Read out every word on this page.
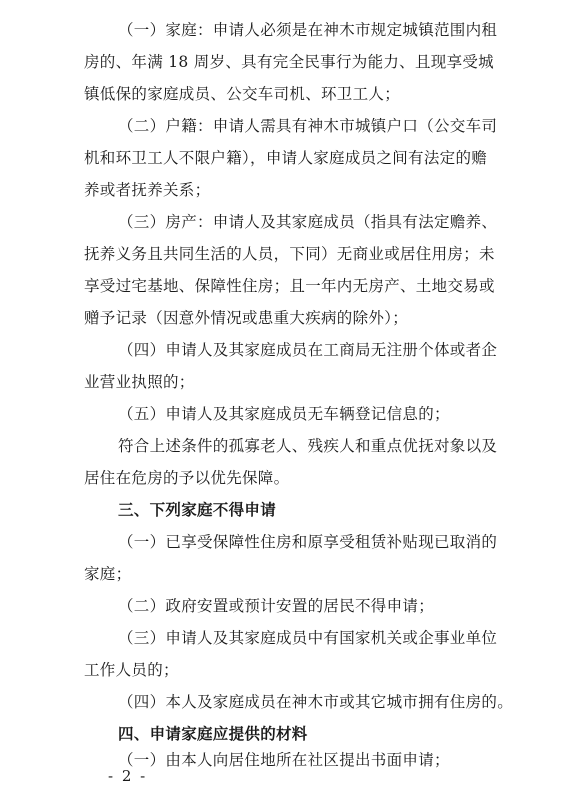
（一）家庭：申请人必须是在神木市规定城镇范围内租
房的、年满 18 周岁、具有完全民事行为能力、且现享受城
镇低保的家庭成员、公交车司机、环卫工人；
（二）户籍：申请人需具有神木市城镇户口（公交车司
机和环卫工人不限户籍），申请人家庭成员之间有法定的赡
养或者抚养关系；
（三）房产：申请人及其家庭成员（指具有法定赡养、
抚养义务且共同生活的人员，下同）无商业或居住用房；未
享受过宅基地、保障性住房；且一年内无房产、土地交易或
赠予记录（因意外情况或患重大疾病的除外）；
（四）申请人及其家庭成员在工商局无注册个体或者企
业营业执照的；
（五）申请人及其家庭成员无车辆登记信息的；
符合上述条件的孤寡老人、残疾人和重点优抚对象以及
居住在危房的予以优先保障。
三、下列家庭不得申请
（一）已享受保障性住房和原享受租赁补贴现已取消的
家庭；
（二）政府安置或预计安置的居民不得申请；
（三）申请人及其家庭成员中有国家机关或企事业单位
工作人员的；
（四）本人及家庭成员在神木市或其它城市拥有住房的。
四、申请家庭应提供的材料
（一）由本人向居住地所在社区提出书面申请；
- 2 -
